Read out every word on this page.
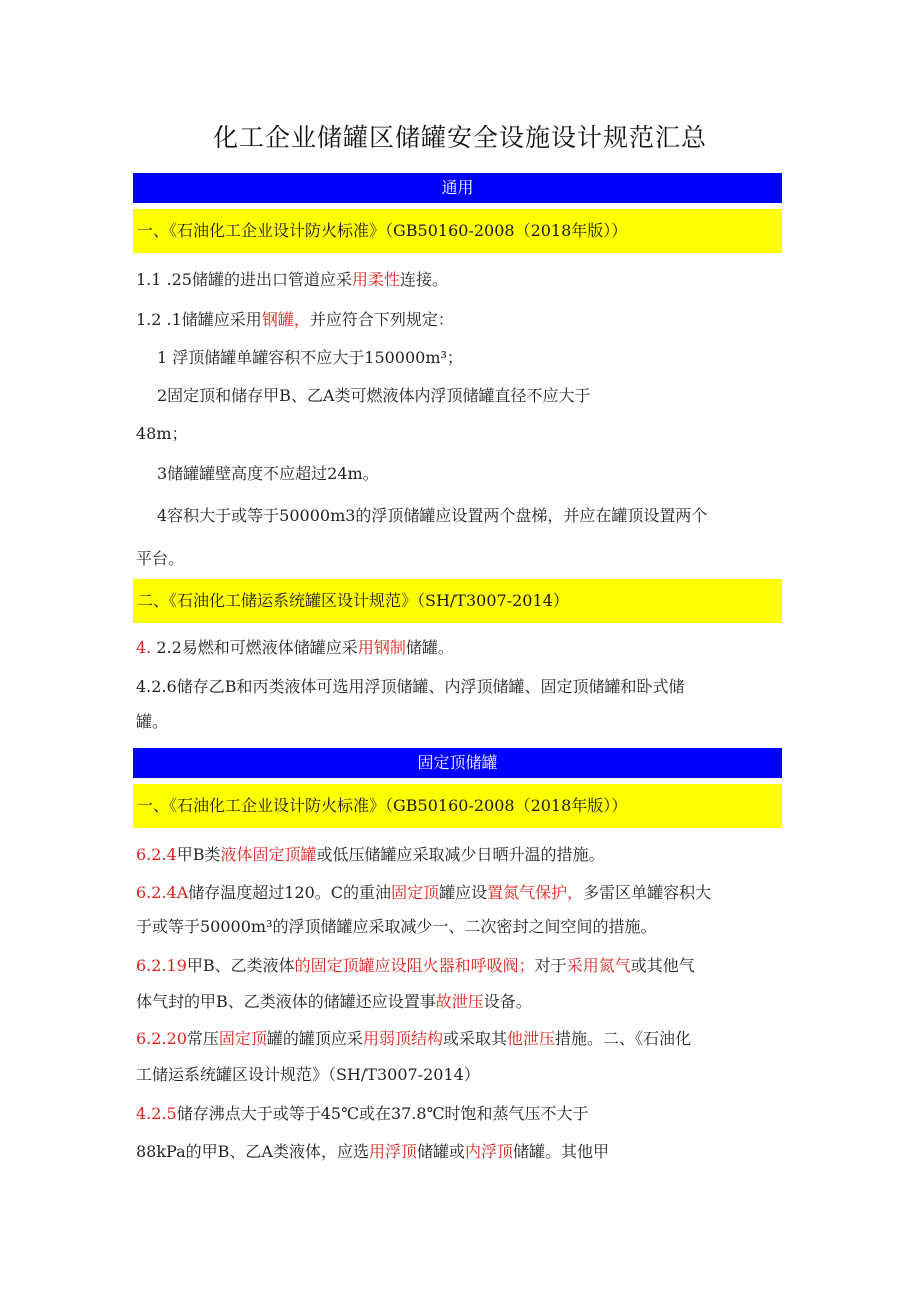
化工企业储罐区储罐安全设施设计规范汇总
通用
一、《石油化工企业设计防火标准》（GB50160-2008（2018年版））
1.1 .25储罐的进出口管道应采用柔性连接。
1.2 .1储罐应采用钢罐，并应符合下列规定：
1 浮顶储罐单罐容积不应大于150000m³；
2固定顶和储存甲B、乙A类可燃液体内浮顶储罐直径不应大于
48m；
3储罐罐壁高度不应超过24m。
4容积大于或等于50000m3的浮顶储罐应设置两个盘梯，并应在罐顶设置两个
平台。
二、《石油化工储运系统罐区设计规范》（SH/T3007-2014）
4. 2.2易燃和可燃液体储罐应采用钢制储罐。
4.2.6储存乙B和丙类液体可选用浮顶储罐、内浮顶储罐、固定顶储罐和卧式储
罐。
固定顶储罐
一、《石油化工企业设计防火标准》（GB50160-2008（2018年版））
6.2.4甲B类液体固定顶罐或低压储罐应采取减少日晒升温的措施。
6.2.4A储存温度超过120。C的重油固定顶罐应设置氮气保护，多雷区单罐容积大
于或等于50000m³的浮顶储罐应采取减少一、二次密封之间空间的措施。
6.2.19甲B、乙类液体的固定顶罐应设阻火器和呼吸阀；对于采用氮气或其他气
体气封的甲B、乙类液体的储罐还应设置事故泄压设备。
6.2.20常压固定顶罐的罐顶应采用弱顶结构或采取其他泄压措施。二、《石油化
工储运系统罐区设计规范》（SH/T3007-2014）
4.2.5储存沸点大于或等于45℃或在37.8℃时饱和蒸气压不大于
88kPa的甲B、乙A类液体，应选用浮顶储罐或内浮顶储罐。其他甲
